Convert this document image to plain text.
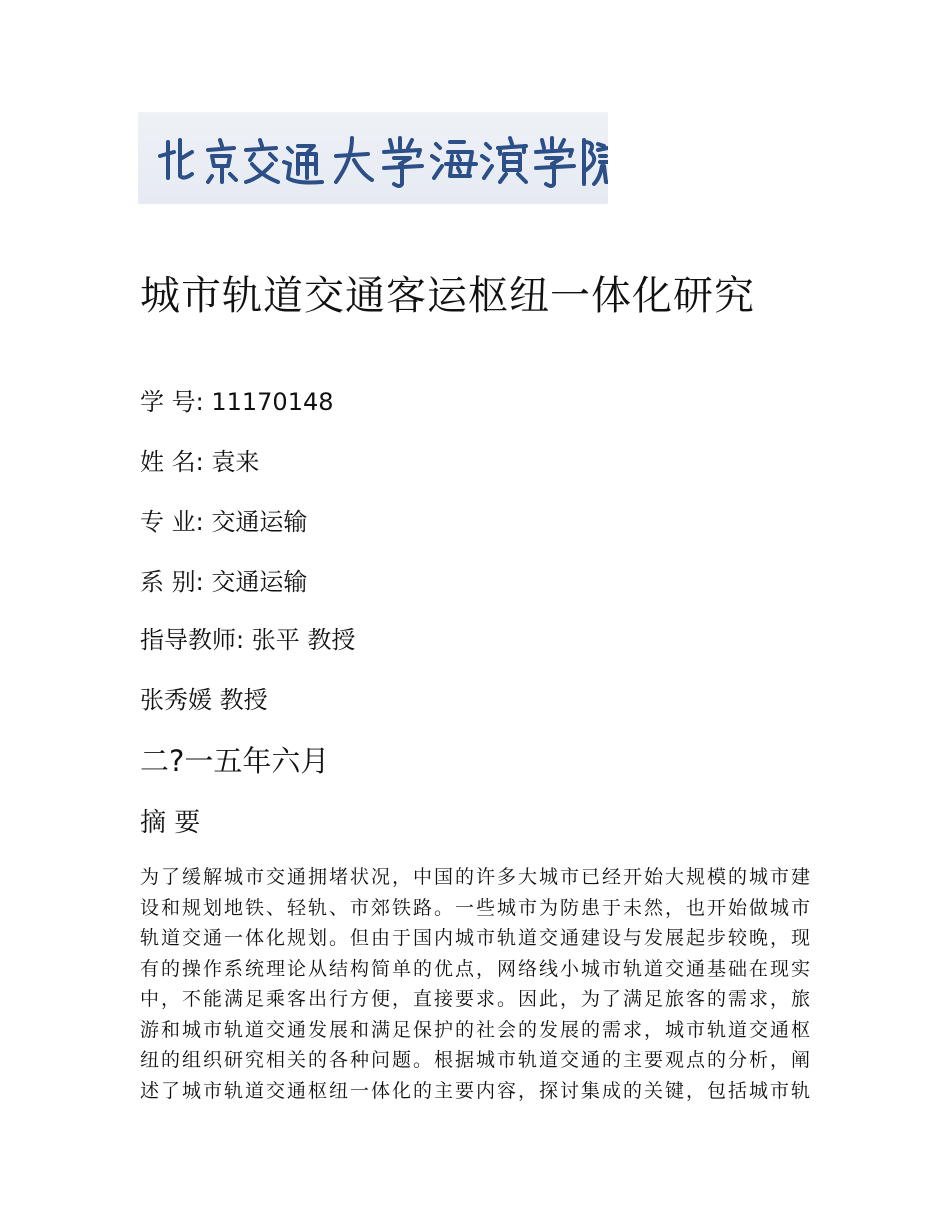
城市轨道交通客运枢纽一体化研究
学 号: 11170148
姓 名: 袁来
专 业: 交通运输
系 别: 交通运输
指导教师: 张平 教授
张秀媛 教授
二?一五年六月
摘 要
为了缓解城市交通拥堵状况，中国的许多大城市已经开始大规模的城市建
设和规划地铁、轻轨、市郊铁路。一些城市为防患于未然，也开始做城市
轨道交通一体化规划。但由于国内城市轨道交通建设与发展起步较晚，现
有的操作系统理论从结构简单的优点，网络线小城市轨道交通基础在现实
中，不能满足乘客出行方便，直接要求。因此，为了满足旅客的需求，旅
游和城市轨道交通发展和满足保护的社会的发展的需求，城市轨道交通枢
纽的组织研究相关的各种问题。根据城市轨道交通的主要观点的分析，阐
述了城市轨道交通枢纽一体化的主要内容，探讨集成的关键，包括城市轨
